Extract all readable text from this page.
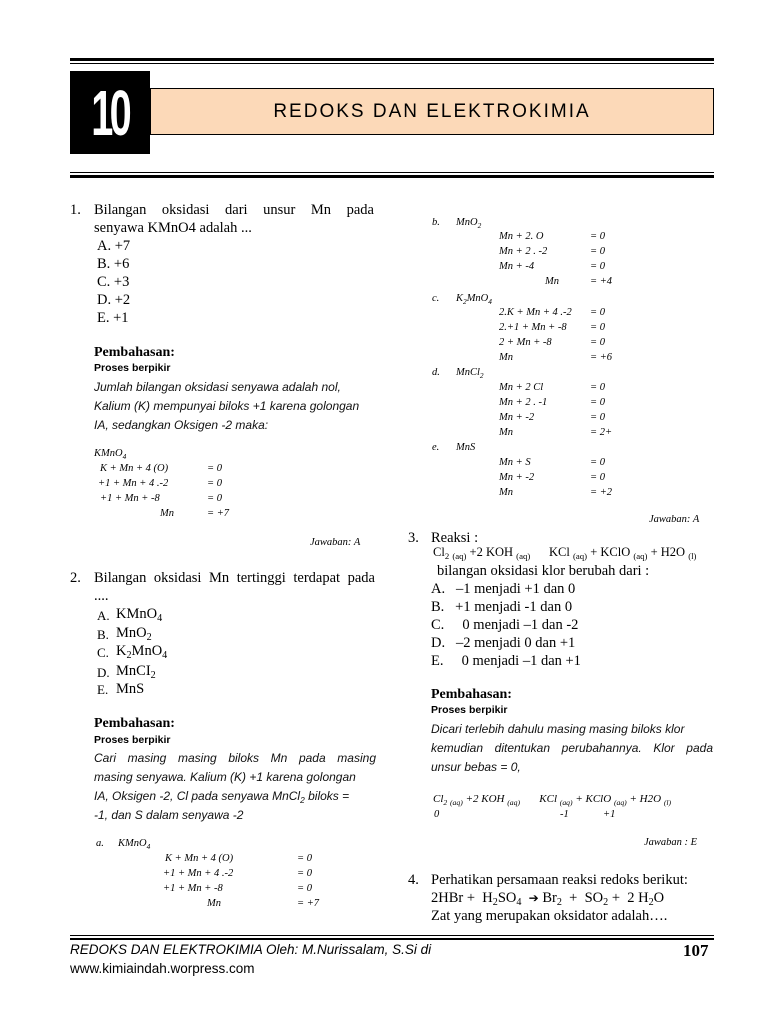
10	REDOKS DAN ELEKTROKIMIA
1. Bilangan oksidasi dari unsur Mn pada
senyawa KMnO4 adalah ...
A. +7
B. +6
C. +3
D. +2
E. +1
Pembahasan:
Proses berpikir
Jumlah bilangan oksidasi senyawa adalah nol,
Kalium (K) mempunyai biloks +1 karena golongan
IA, sedangkan Oksigen -2 maka:
KMnO$_4$
K + Mn + 4 (O)	= 0
+1 + Mn + 4 .-2	= 0
+1 + Mn + -8	= 0
Mn	= +7
Jawaban: A
2. Bilangan oksidasi Mn tertinggi terdapat pada
....
A. KMnO$_4$
B. MnO$_2$
C. $K_2MnO_4$
D. MnCI$_2$
E. MnS
Pembahasan:
Proses berpikir
Cari masing masing biloks Mn pada masing
masing senyawa. Kalium (K) +1 karena golongan
IA, Oksigen -2, Cl pada senyawa MnCl$_2$ biloks =
-1, dan S dalam senyawa -2
a. KMnO$_4$
K + Mn + 4 (O)	= 0
+1 + Mn + 4 .-2	= 0
+1 + Mn + -8	= 0
Mn	= +7
b. MnO$_2$
Mn + 2. O	= 0
Mn + 2 . -2	= 0
Mn + -4	= 0
Mn	= +4
c. $K_2MnO_4$
2.K + Mn + 4 .-2 = 0
2.+1 + Mn + -8 = 0
2 + Mn + -8	= 0
Mn	= +6
d. MnCl$_2$
Mn + 2 Cl	= 0
Mn + 2 . -1	= 0
Mn + -2	= 0
Mn	= 2+
e. MnS
Mn + S	= 0
Mn + -2	= 0
Mn	= +2
Jawaban: A
3. Reaksi :
$Cl_2$ $_{(aq)}$ +2 KOH $_{(aq)}$      KCl $_{(aq)}$ + KClO $_{(aq)}$ + H2O $_{(l)}$
bilangan oksidasi klor berubah dari :
A.   –1 menjadi +1 dan 0
B.   +1 menjadi -1 dan 0
C.     0 menjadi –1 dan -2
D.   –2 menjadi 0 dan +1
E.     0 menjadi –1 dan +1
Pembahasan:
Proses berpikir
Dicari terlebih dahulu masing masing biloks klor
kemudian ditentukan perubahannya. Klor pada
unsur bebas = 0,
$Cl_2$ $_{(aq)}$ +2 KOH $_{(aq)}$       KCl $_{(aq)}$ + KClO $_{(aq)}$ + H2O $_{(l)}$
0	-1	+1
Jawaban : E
4. Perhatikan persamaan reaksi redoks berikut:
$2HBr + H_2SO_4$ ➔ $Br_2 + SO_2 + 2$ $H_2O$
Zat yang merupakan oksidator adalah….
REDOKS DAN ELEKTROKIMIA Oleh: M.Nurissalam, S.Si di
www.kimiaindah.worpress.com
107
